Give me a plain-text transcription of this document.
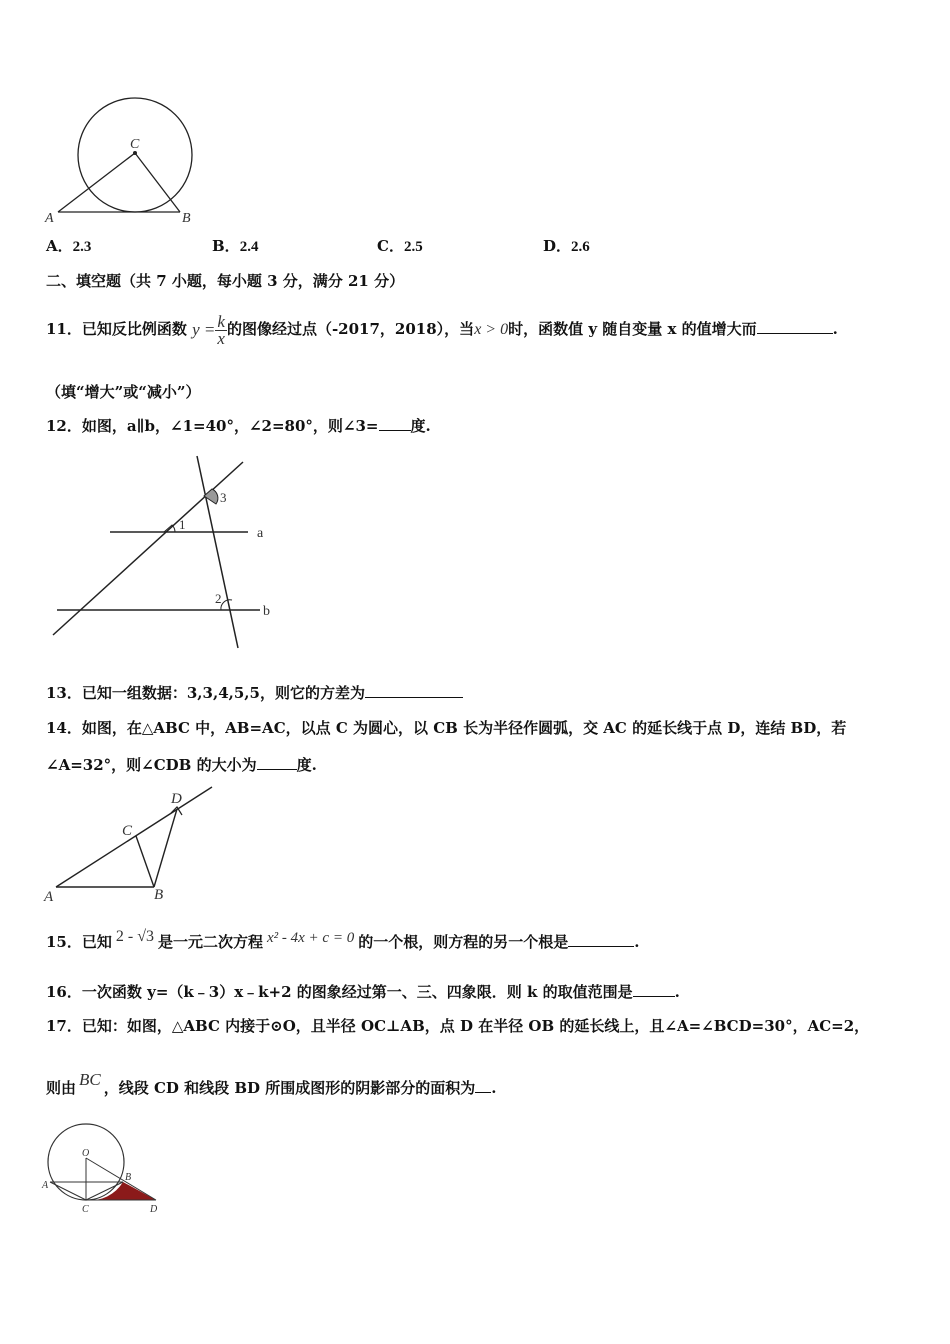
C
A	B
A．2.3	B．2.4	C．2.5	D．2.6
二、填空题（共 7 小题，每小题 3 分，满分 21 分）
11．已知反比例函数 $y = \frac{k}{x}$ 的图像经过点（-2017，2018），当x > 0时，函数值 y 随自变量 x 的值增大而	.
（填“增大”或“减小”）
12．如图，a∥b，∠1=40°，∠2=80°，则∠3= 度.
3
1
2
a
b
13．已知一组数据：3,3,4,5,5，则它的方差为
14．如图，在△ABC 中，AB=AC，以点 C 为圆心，以 CB 长为半径作圆弧，交 AC 的延长线于点 D，连结 BD，若
∠A=32°，则∠CDB 的大小为	度.
D
C
A	B
15．已知 2 - √3 是一元二次方程 x² - 4x + c = 0 的一个根，则方程的另一个根是	.
16．一次函数 y=（k﹣3）x﹣k+2 的图象经过第一、三、四象限．则 k 的取值范围是	.
17．已知：如图，△ABC 内接于⊙O，且半径 OC⊥AB，点 D 在半径 OB 的延长线上，且∠A=∠BCD=30°，AC=2，
则由 BC ，线段 CD 和线段 BD 所围成图形的阴影部分的面积为 .
O
A
B
C	D
